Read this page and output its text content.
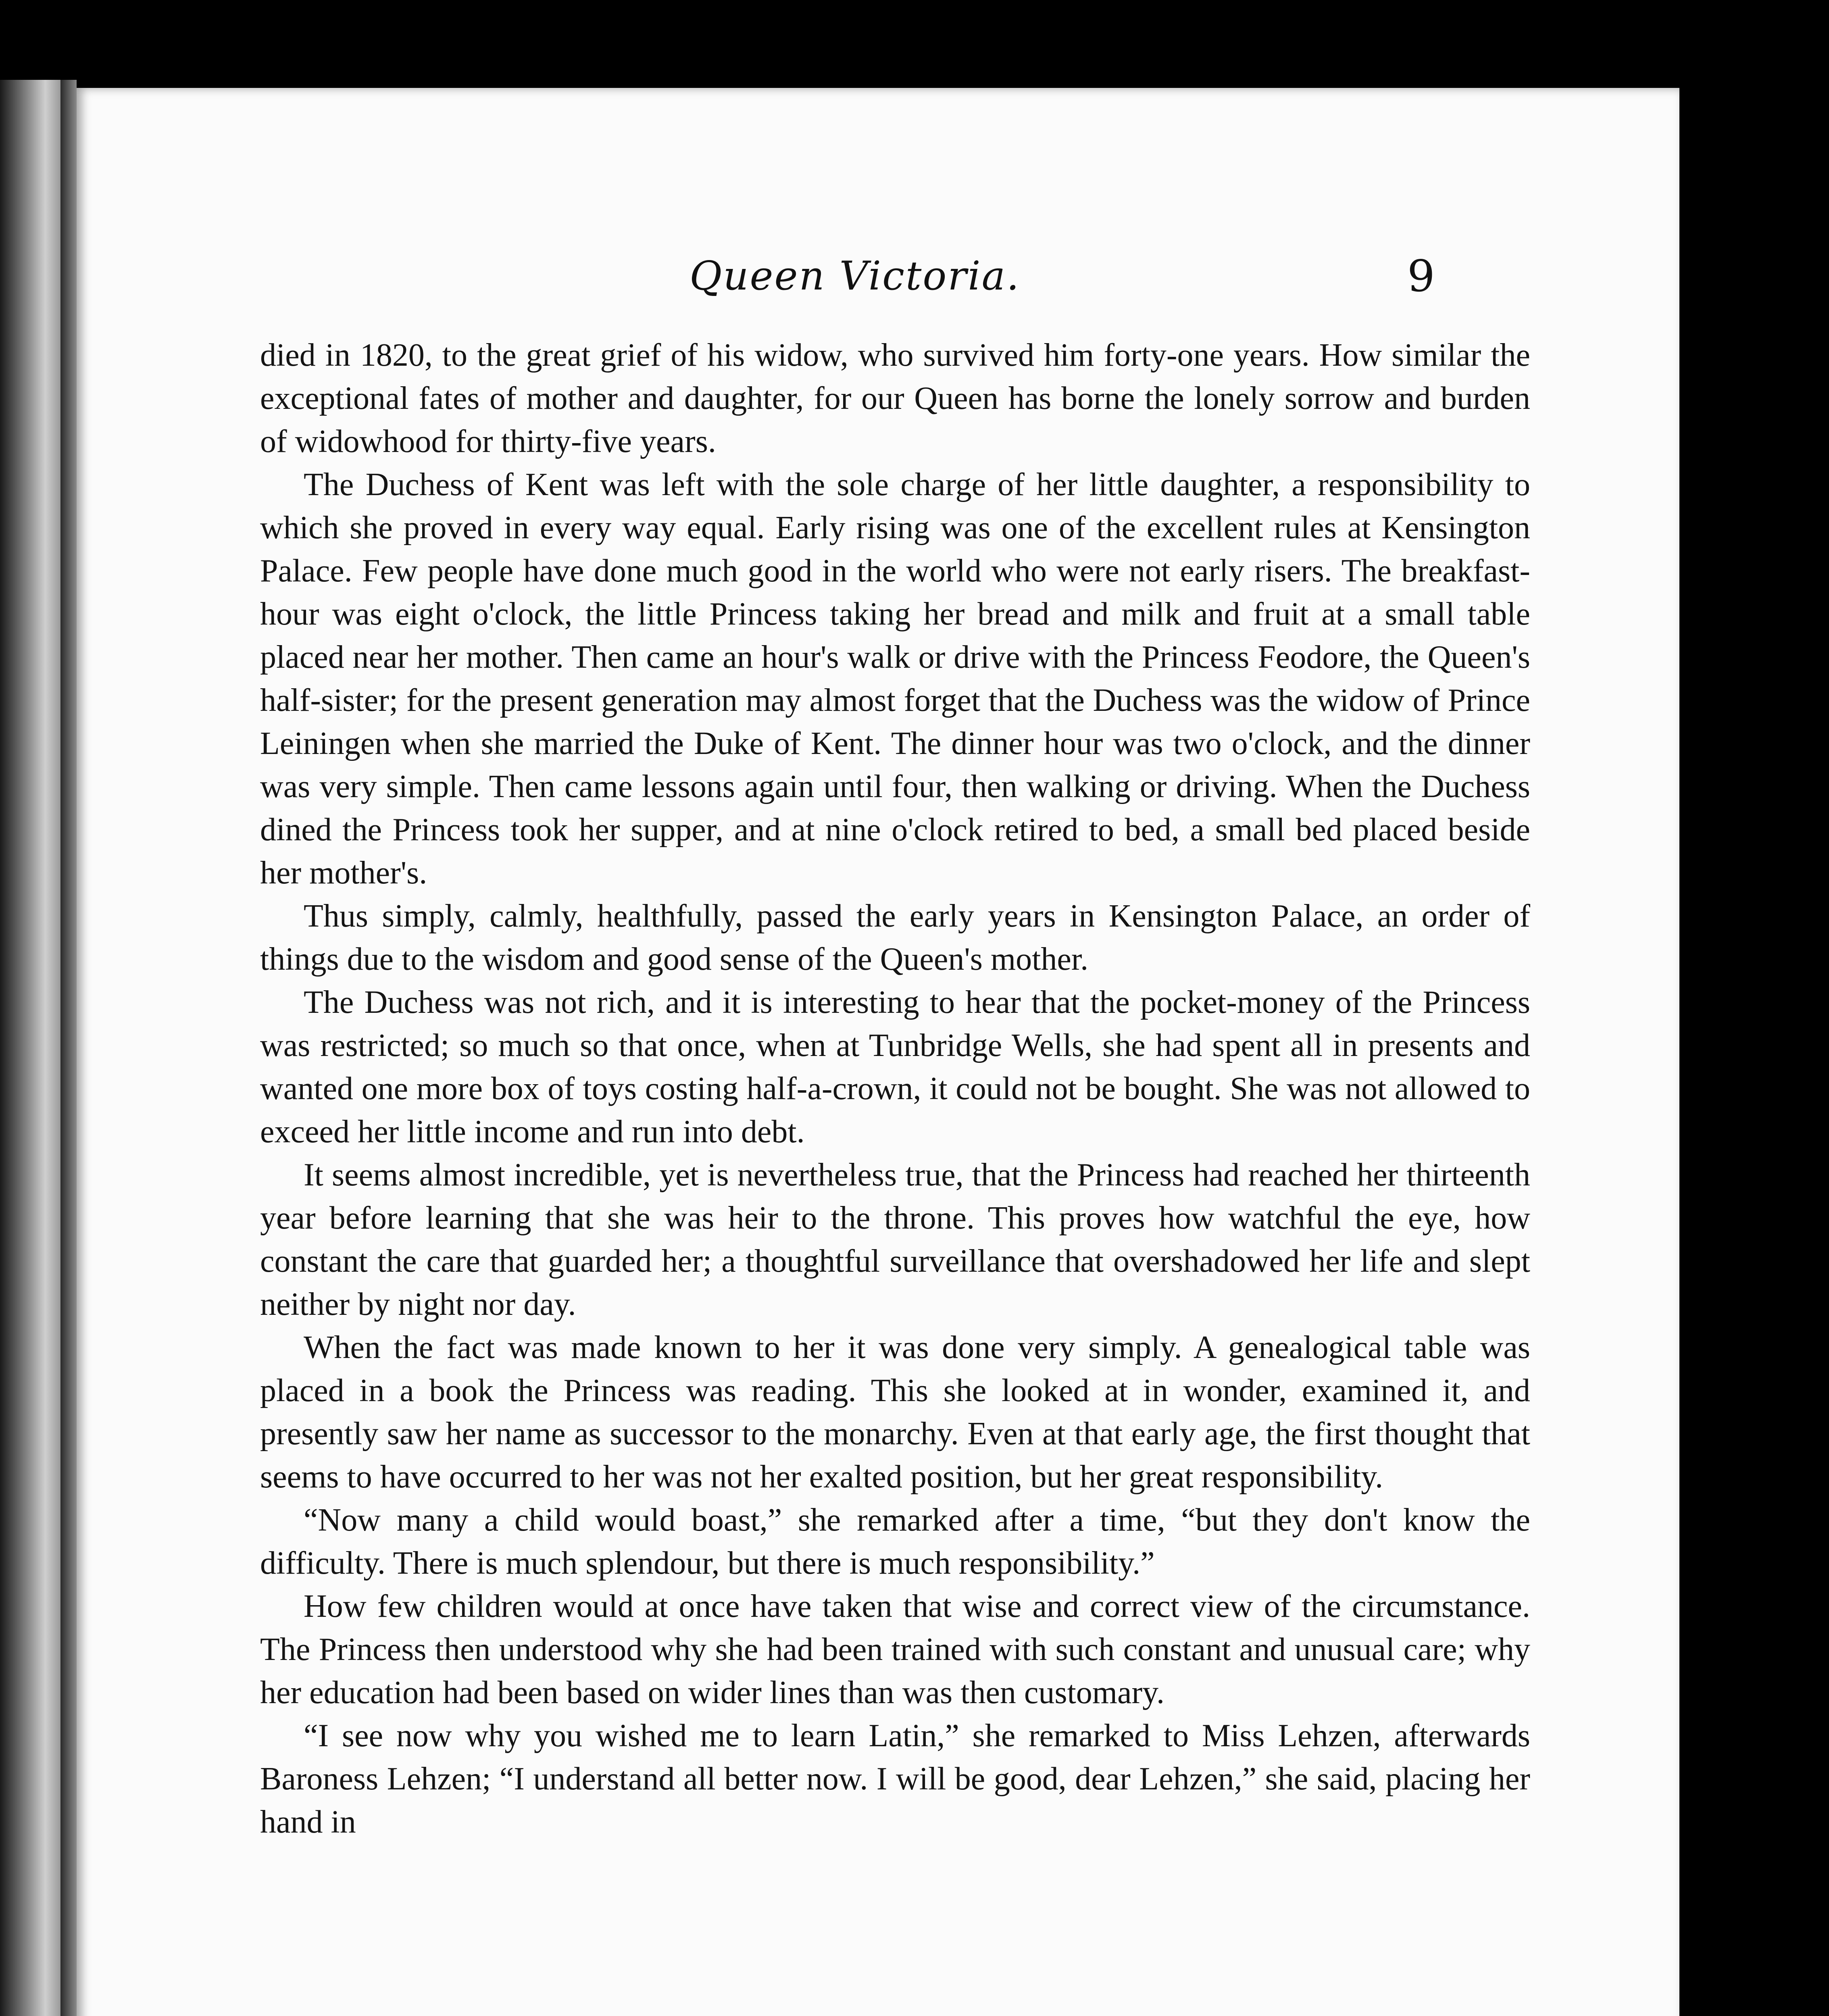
Queen Victoria.	9

died in 1820, to the great grief of his widow, who survived him forty-one years. How similar the exceptional fates of mother and daughter, for our Queen has borne the lonely sorrow and burden of widowhood for thirty-five years.

The Duchess of Kent was left with the sole charge of her little daughter, a responsibility to which she proved in every way equal. Early rising was one of the excellent rules at Kensington Palace. Few people have done much good in the world who were not early risers. The breakfast-hour was eight o'clock, the little Princess taking her bread and milk and fruit at a small table placed near her mother. Then came an hour's walk or drive with the Princess Feodore, the Queen's half-sister; for the present generation may almost forget that the Duchess was the widow of Prince Leiningen when she married the Duke of Kent. The dinner hour was two o'clock, and the dinner was very simple. Then came lessons again until four, then walking or driving. When the Duchess dined the Princess took her supper, and at nine o'clock retired to bed, a small bed placed beside her mother's.

Thus simply, calmly, healthfully, passed the early years in Kensington Palace, an order of things due to the wisdom and good sense of the Queen's mother.

The Duchess was not rich, and it is interesting to hear that the pocket-money of the Princess was restricted; so much so that once, when at Tunbridge Wells, she had spent all in presents and wanted one more box of toys costing half-a-crown, it could not be bought. She was not allowed to exceed her little income and run into debt.

It seems almost incredible, yet is nevertheless true, that the Princess had reached her thirteenth year before learning that she was heir to the throne. This proves how watchful the eye, how constant the care that guarded her; a thoughtful surveillance that overshadowed her life and slept neither by night nor day.

When the fact was made known to her it was done very simply. A genealogical table was placed in a book the Princess was reading. This she looked at in wonder, examined it, and presently saw her name as successor to the monarchy. Even at that early age, the first thought that seems to have occurred to her was not her exalted position, but her great responsibility.

“Now many a child would boast,” she remarked after a time, “but they don't know the difficulty. There is much splendour, but there is much responsibility.”

How few children would at once have taken that wise and correct view of the circumstance. The Princess then understood why she had been trained with such constant and unusual care; why her education had been based on wider lines than was then customary.

“I see now why you wished me to learn Latin,” she remarked to Miss Lehzen, afterwards Baroness Lehzen; “I understand all better now. I will be good, dear Lehzen,” she said, placing her hand in
